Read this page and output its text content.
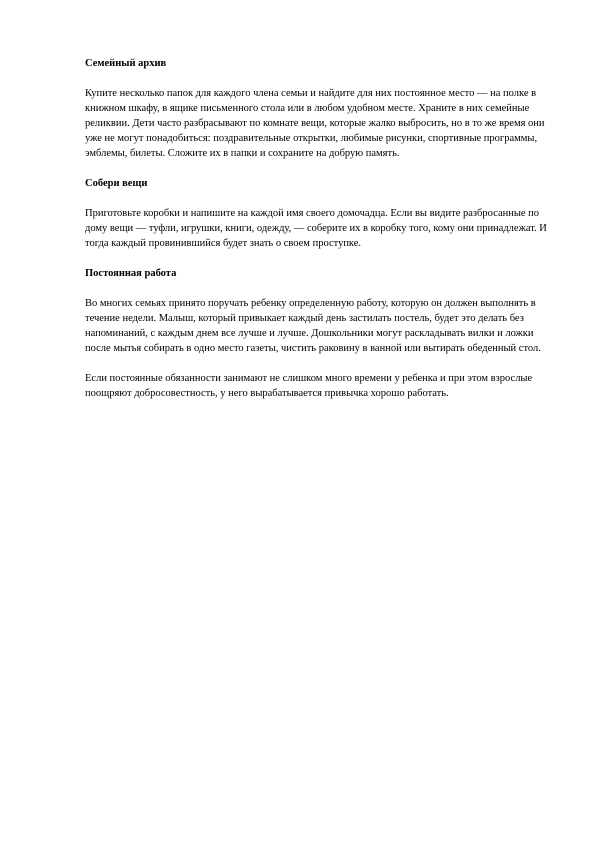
Семейный архив

Купите несколько папок для каждого члена семьи и найдите для них постоянное место — на полке в книжном шкафу, в ящике письменного стола или в любом удобном месте. Храните в них семейные реликвии. Дети часто разбрасывают по комнате вещи, которые жалко выбросить, но в то же время они уже не могут понадобиться: поздравительные открытки, любимые рисунки, спортивные программы, эмблемы, билеты. Сложите их в папки и сохраните на добрую память.

Собери вещи

Приготовьте коробки и напишите на каждой имя своего домочадца. Если вы видите разбросанные по дому вещи — туфли, игрушки, книги, одежду, — соберите их в коробку того, кому они принадлежат. И тогда каждый провинившийся будет знать о своем проступке.

Постоянная работа

Во многих семьях принято поручать ребенку определенную работу, которую он должен выполнять в течение недели. Малыш, который привыкает каждый день застилать постель, будет это делать без напоминаний, с каждым днем все лучше и лучше. Дошкольники могут раскладывать вилки и ложки после мытья собирать в одно место газеты, чистить раковину в ванной или вытирать обеденный стол.

Если постоянные обязанности занимают не слишком много времени у ребенка и при этом взрослые поощряют добросовестность, у него вырабатывается привычка хорошо работать.
